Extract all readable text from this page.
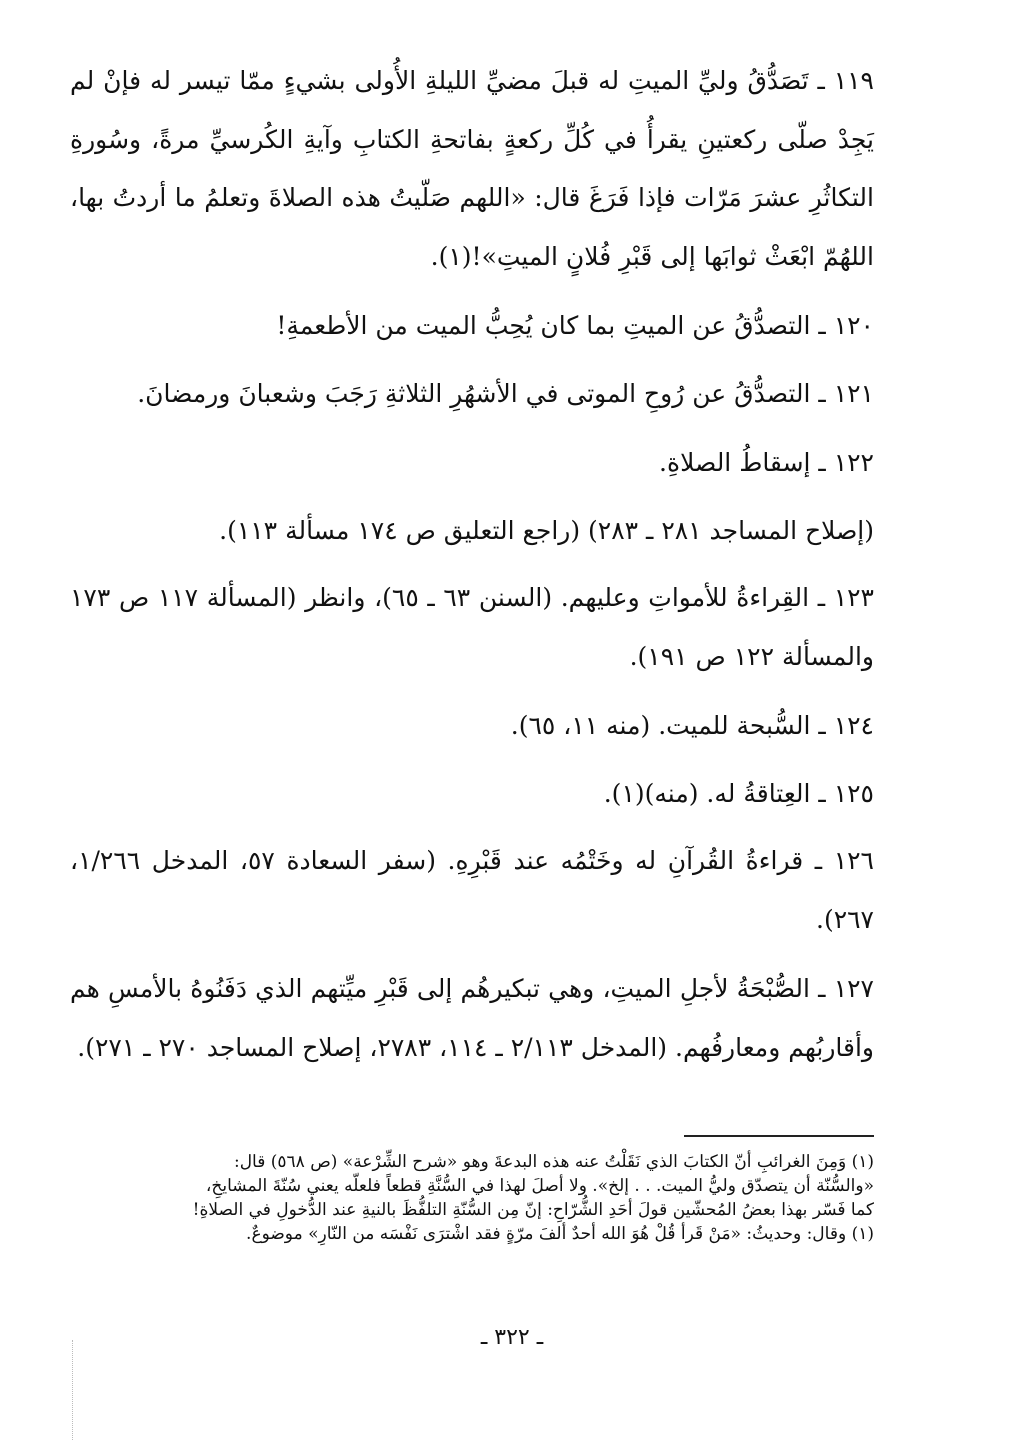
١١٩ ـ تَصَدُّقُ وليِّ الميتِ له قبلَ مضيِّ الليلةِ الأُولى بشيءٍ ممّا تيسر له فإنْ لم يَجِدْ صلّى ركعتينِ يقرأُ في كُلِّ ركعةٍ بفاتحةِ الكتابِ وآيةِ الكُرسيِّ مرةً، وسُورةِ التكاثُرِ عشرَ مَرّات فإذا فَرَغَ قال: «اللهم صَلّيتُ هذه الصلاةَ وتعلمُ ما أردتُ بها، اللهُمّ ابْعَثْ ثوابَها إلى قَبْرِ فُلانٍ الميتِ»!(١).

١٢٠ ـ التصدُّقُ عن الميتِ بما كان يُحِبُّ الميت من الأطعمةِ!

١٢١ ـ التصدُّقُ عن رُوحِ الموتى في الأشهُرِ الثلاثةِ رَجَبَ وشعبانَ ورمضانَ.

١٢٢ ـ إسقاطُ الصلاةِ.

(إصلاح المساجد ٢٨١ ـ ٢٨٣) (راجع التعليق ص ١٧٤ مسألة ١١٣).

١٢٣ ـ القِراءةُ للأمواتِ وعليهم. (السنن ٦٣ ـ ٦٥)، وانظر (المسألة ١١٧ ص ١٧٣ والمسألة ١٢٢ ص ١٩١).

١٢٤ ـ السُّبحة للميت. (منه ١١، ٦٥).

١٢٥ ـ العِتاقةُ له. (منه)(١).

١٢٦ ـ قراءةُ القُرآنِ له وخَتْمُه عند قَبْرِهِ. (سفر السعادة ٥٧، المدخل ١/٢٦٦، ٢٦٧).

١٢٧ ـ الصُّبْحَةُ لأجلِ الميتِ، وهي تبكيرهُم إلى قَبْرِ ميِّتهم الذي دَفَنُوهُ بالأمسِ هم وأقاربُهم ومعارفُهم. (المدخل ٢/١١٣ ـ ١١٤، ٢٧٨٣، إصلاح المساجد ٢٧٠ ـ ٢٧١).

(١) وَمِنَ الغرائبِ أنّ الكتابَ الذي نَقَلْتُ عنه هذه البدعةَ وهو «شرح الشِّرْعة» (ص ٥٦٨) قال:

«والسُّنّة أن يتصدّق وليُّ الميت. . . إلخ». ولا أصلَ لهذا في السُّنَّةِ قطعاً فلعلّه يعني سُنّةَ المشايخِ،

كما فَسّر بهذا بعضُ المُحشّين قولَ أحَدِ الشُّرّاحِ: إنّ مِن السُّنّةِ التلفُّظَ بالنيةِ عند الدُّخولِ في الصلاةِ!

(١) وقال: وحديثُ: «مَنْ قَرأ قُلْ هُوَ الله أحدٌ ألفَ مرّةٍ فقد اشْترَى نَفْسَه من النّارِ» موضوعٌ.

ـ ٣٢٢ ـ
